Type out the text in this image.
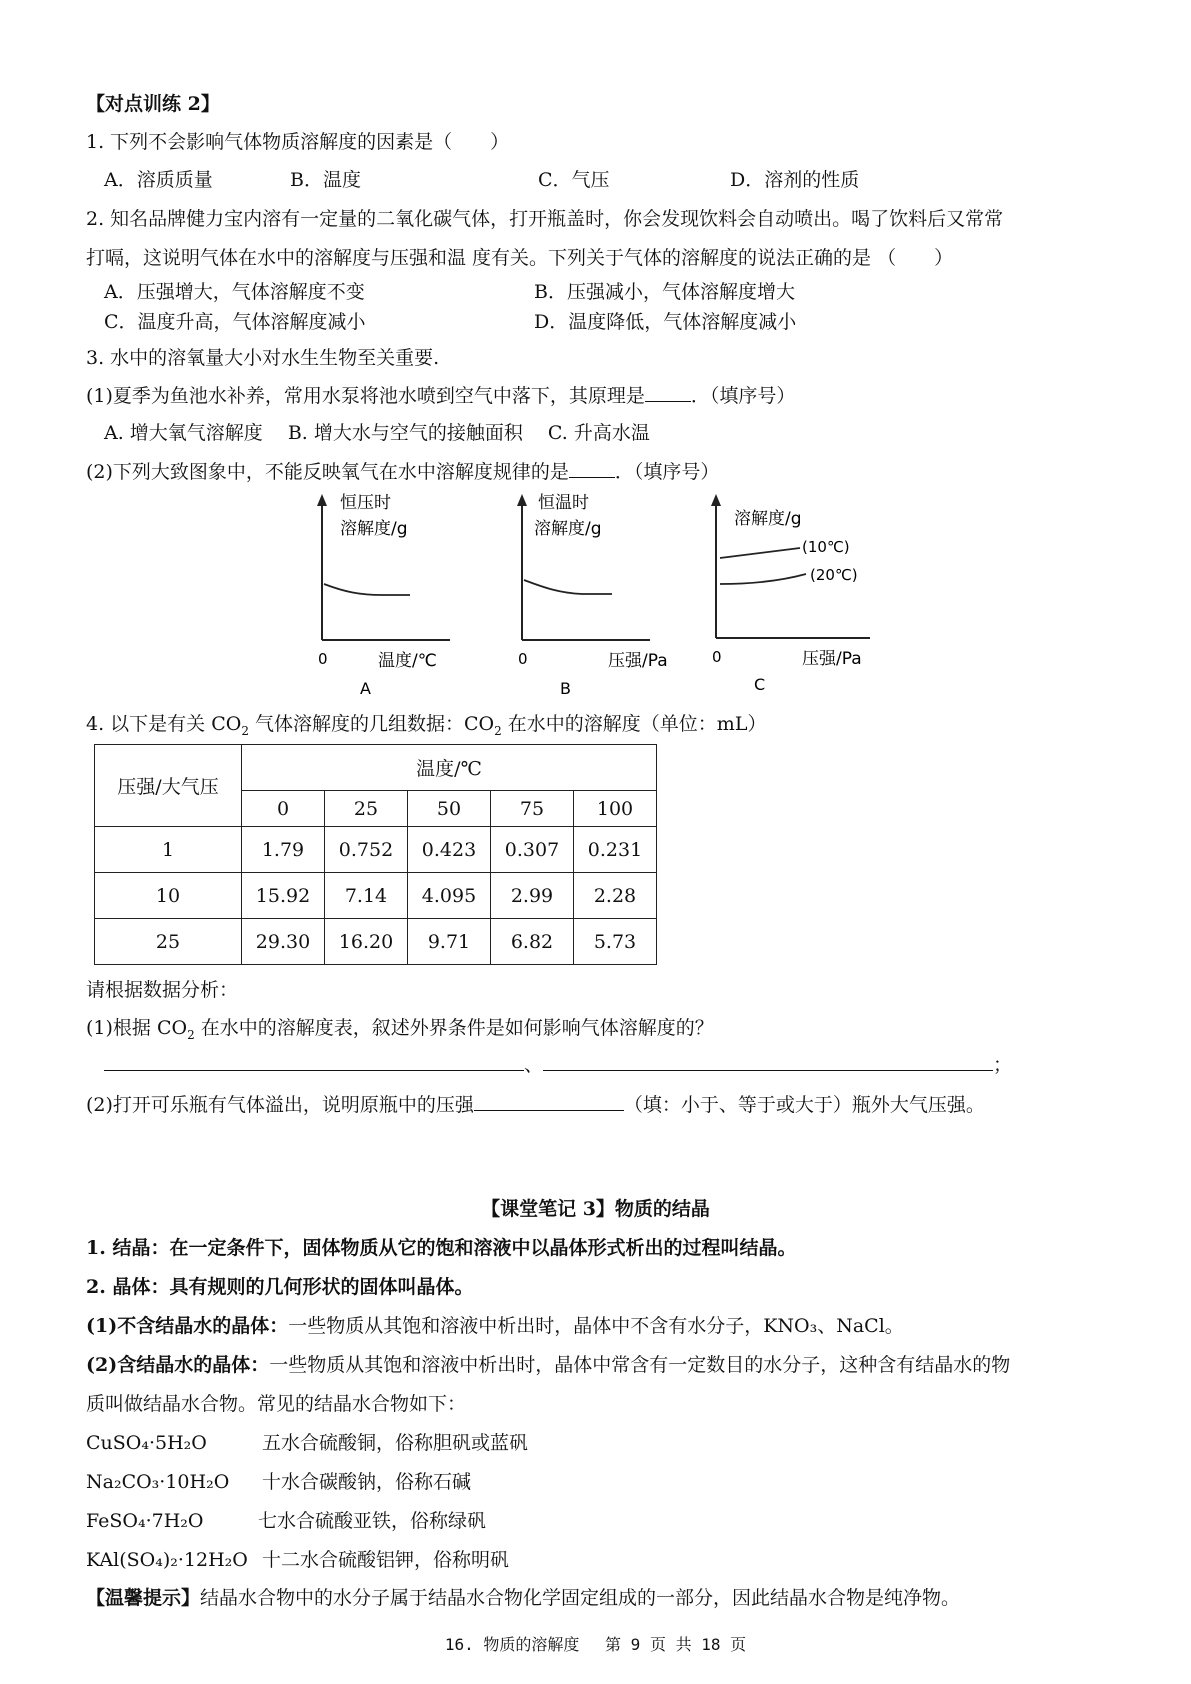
【对点训练 2】
1. 下列不会影响气体物质溶解度的因素是（　　）
A．溶质质量	B．温度	C．气压	D．溶剂的性质
2. 知名品牌健力宝内溶有一定量的二氧化碳气体，打开瓶盖时，你会发现饮料会自动喷出。喝了饮料后又常常
打嗝，这说明气体在水中的溶解度与压强和温 度有关。下列关于气体的溶解度的说法正确的是 （　　）
A．压强增大，气体溶解度不变	B．压强减小，气体溶解度增大
C．温度升高，气体溶解度减小	D．温度降低，气体溶解度减小
3. 水中的溶氧量大小对水生生物至关重要.
(1)夏季为鱼池水补养，常用水泵将池水喷到空气中落下，其原理是 ．（填序号）
A. 增大氧气溶解度　 B. 增大水与空气的接触面积　 C. 升高水温
(2)下列大致图象中，不能反映氧气在水中溶解度规律的是 ．（填序号）
恒压时
溶解度/g
0	温度/℃
A
恒温时
溶解度/g
0	压强/Pa
B
溶解度/g
(10℃)
(20℃)
0	压强/Pa
C
4. 以下是有关 $CO_2$ 气体溶解度的几组数据：$CO_2$ 在水中的溶解度（单位：mL）
压强/大气压	温度/℃				
	0	25	50	75	100
1	1.79	0.752	0.423	0.307	0.231
10	15.92	7.14	4.095	2.99	2.28
25	29.30	16.20	9.71	6.82	5.73
请根据数据分析：
(1)根据 $CO_2$ 在水中的溶解度表，叙述外界条件是如何影响气体溶解度的？
、	；
(2)打开可乐瓶有气体溢出，说明原瓶中的压强	（填：小于、等于或大于）瓶外大气压强。
【课堂笔记 3】物质的结晶
1. 结晶：在一定条件下，固体物质从它的饱和溶液中以晶体形式析出的过程叫结晶。
2. 晶体：具有规则的几何形状的固体叫晶体。
(1)不含结晶水的晶体：一些物质从其饱和溶液中析出时，晶体中不含有水分子，KNO₃、NaCl。
(2)含结晶水的晶体：一些物质从其饱和溶液中析出时，晶体中常含有一定数目的水分子，这种含有结晶水的物
质叫做结晶水合物。常见的结晶水合物如下：
CuSO₄·5H₂O	五水合硫酸铜，俗称胆矾或蓝矾
Na₂CO₃·10H₂O 十水合碳酸钠，俗称石碱
FeSO₄·7H₂O	七水合硫酸亚铁，俗称绿矾
KAl(SO₄)₂·12H₂O 十二水合硫酸铝钾，俗称明矾
【温馨提示】结晶水合物中的水分子属于结晶水合物化学固定组成的一部分，因此结晶水合物是纯净物。
16. 物质的溶解度　 第 9 页 共 18 页
